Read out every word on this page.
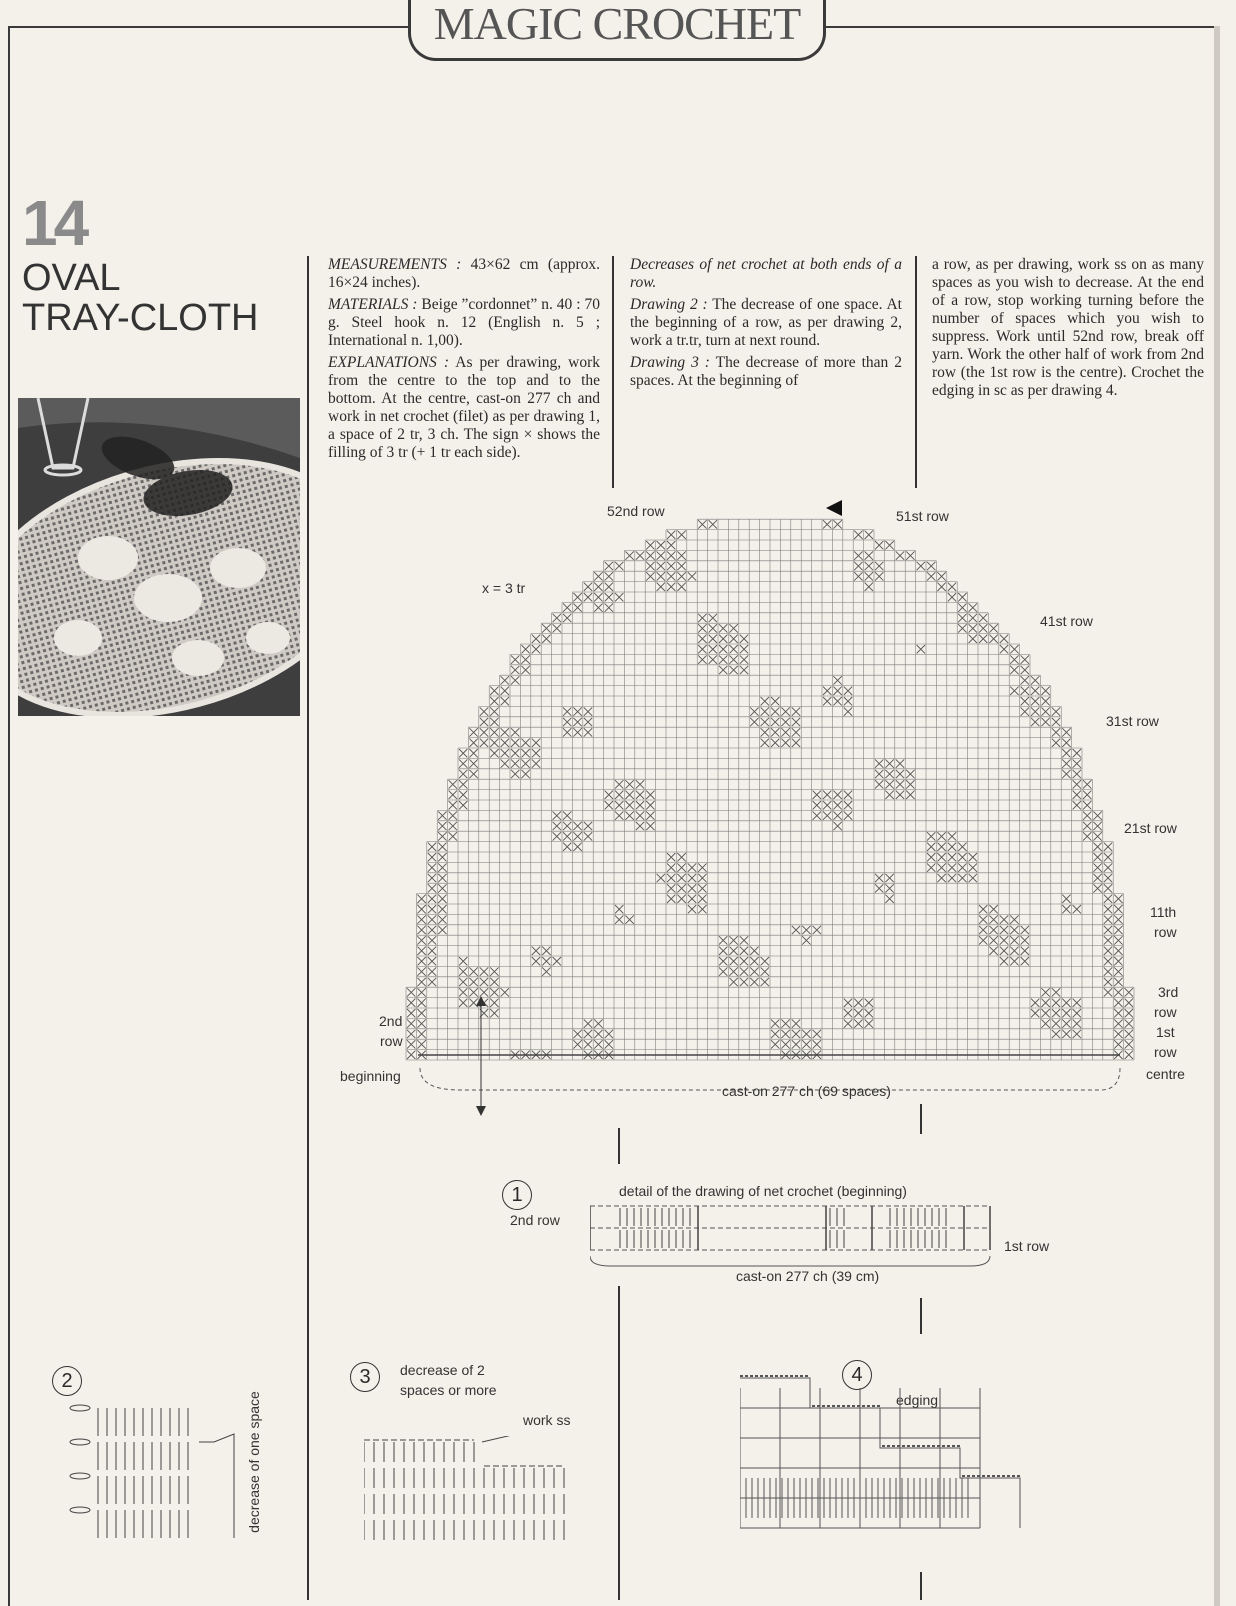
MAGIC CROCHET
14
OVAL
TRAY-CLOTH

MEASUREMENTS : 43×62 cm (approx. 16×24 inches).

MATERIALS : Beige ”cordonnet” n. 40 : 70 g. Steel hook n. 12 (English n. 5 ; International n. 1,00).

EXPLANATIONS : As per drawing, work from the centre to the top and to the bottom. At the centre, cast-on 277 ch and work in net crochet (filet) as per drawing 1, a space of 2 tr, 3 ch. The sign × shows the filling of 3 tr (+ 1 tr each side).

Decreases of net crochet at both ends of a row.

Drawing 2 : The decrease of one space. At the beginning of a row, as per drawing 2, work a tr.tr, turn at next round.

Drawing 3 : The decrease of more than 2 spaces. At the beginning of

a row, as per drawing, work ss on as many spaces as you wish to decrease. At the end of a row, stop working turning before the number of spaces which you wish to suppress. Work until 52nd row, break off yarn. Work the other half of work from 2nd row (the 1st row is the centre). Crochet the edging in sc as per drawing 4.

52nd row	51st row
41st row
31st row
21st row
11th
row
3rd
row
1st
row
centre
2nd
row
beginning
x = 3 tr
cast-on 277 ch (69 spaces)
1	detail of the drawing of net crochet (beginning)
2nd row
1st row
cast-on 277 ch (39 cm)
2
decrease of one space
3	decrease of 2
spaces or more
work ss
4
edging
